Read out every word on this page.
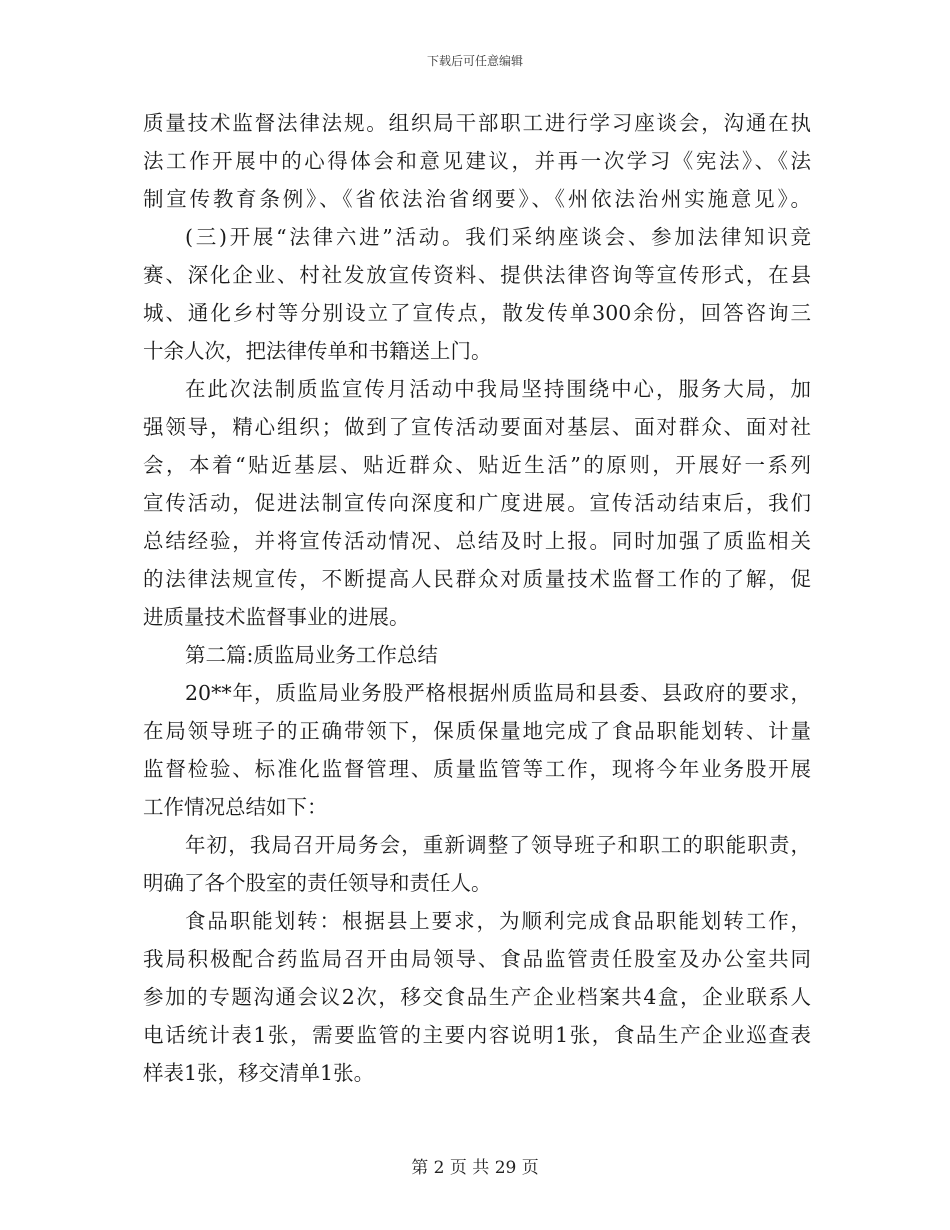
下载后可任意编辑
质量技术监督法律法规。组织局干部职工进行学习座谈会，沟通在执
法工作开展中的心得体会和意见建议，并再一次学习《宪法》、《法
制宣传教育条例》、《省依法治省纲要》、《州依法治州实施意见》。
(三)开展“法律六进”活动。我们采纳座谈会、参加法律知识竞
赛、深化企业、村社发放宣传资料、提供法律咨询等宣传形式，在县
城、通化乡村等分别设立了宣传点，散发传单300余份，回答咨询三
十余人次，把法律传单和书籍送上门。
在此次法制质监宣传月活动中我局坚持围绕中心，服务大局，加
强领导，精心组织；做到了宣传活动要面对基层、面对群众、面对社
会，本着“贴近基层、贴近群众、贴近生活”的原则，开展好一系列
宣传活动，促进法制宣传向深度和广度进展。宣传活动结束后，我们
总结经验，并将宣传活动情况、总结及时上报。同时加强了质监相关
的法律法规宣传，不断提高人民群众对质量技术监督工作的了解，促
进质量技术监督事业的进展。
第二篇:质监局业务工作总结
20**年，质监局业务股严格根据州质监局和县委、县政府的要求，
在局领导班子的正确带领下，保质保量地完成了食品职能划转、计量
监督检验、标准化监督管理、质量监管等工作，现将今年业务股开展
工作情况总结如下：
年初，我局召开局务会，重新调整了领导班子和职工的职能职责，
明确了各个股室的责任领导和责任人。
食品职能划转：根据县上要求，为顺利完成食品职能划转工作，
我局积极配合药监局召开由局领导、食品监管责任股室及办公室共同
参加的专题沟通会议2次，移交食品生产企业档案共4盒，企业联系人
电话统计表1张，需要监管的主要内容说明1张，食品生产企业巡查表
样表1张，移交清单1张。
第 2 页 共 29 页
